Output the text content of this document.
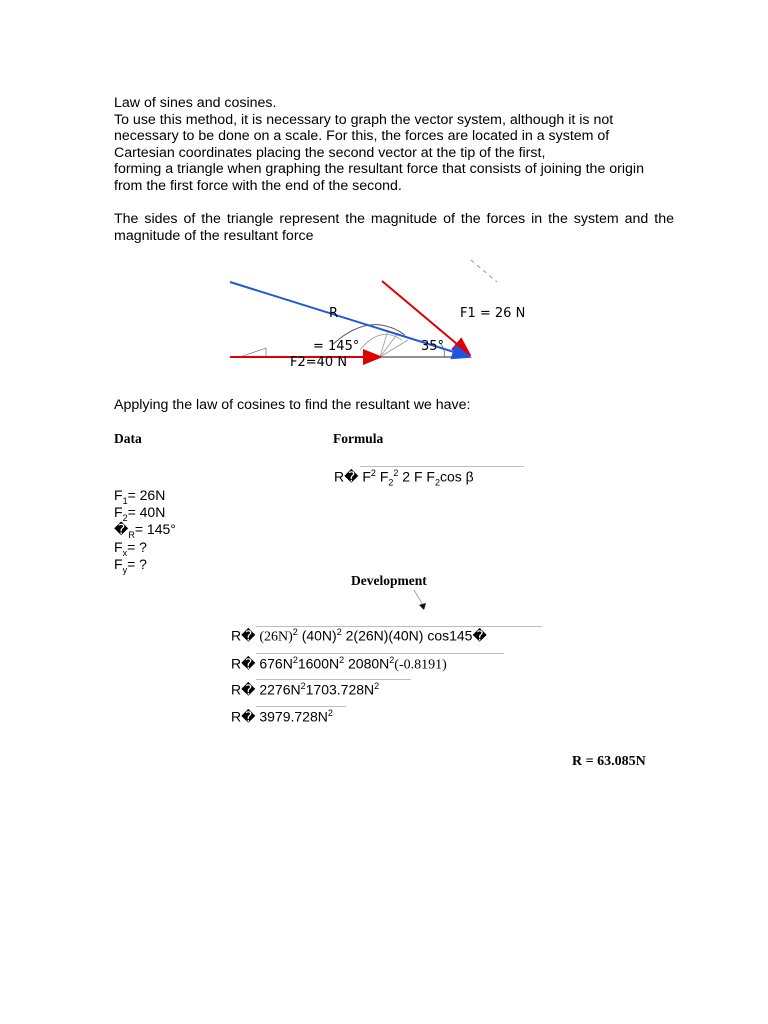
Law of sines and cosines.
To use this method, it is necessary to graph the vector system, although it is not
necessary to be done on a scale. For this, the forces are located in a system of
Cartesian coordinates placing the second vector at the tip of the first,
forming a triangle when graphing the resultant force that consists of joining the origin
from the first force with the end of the second.
The sides of the triangle represent the magnitude of the forces in the system and the magnitude of the resultant force
R	F1 = 26 N
= 145°	35°
F2=40 N
Applying the law of cosines to find the resultant we have:
Data	Formula
R� $F^2$ $F_2^2$ 2 F $F_2\cos$ β
$F_1= 26N$
$F_2= 40N$
$�_R= 145^\circ$
$F_x=$ ?
$F_y=$ ?
Development
R� $(26N)^2$ $(40N)^2$ 2(26N)(40N) cos145�
R� $676N^21600N^2$ $2080N^2(-0.8191)$
R� $2276N^21703.728N^2$
R� $3979.728N^2$
R = 63.085N
